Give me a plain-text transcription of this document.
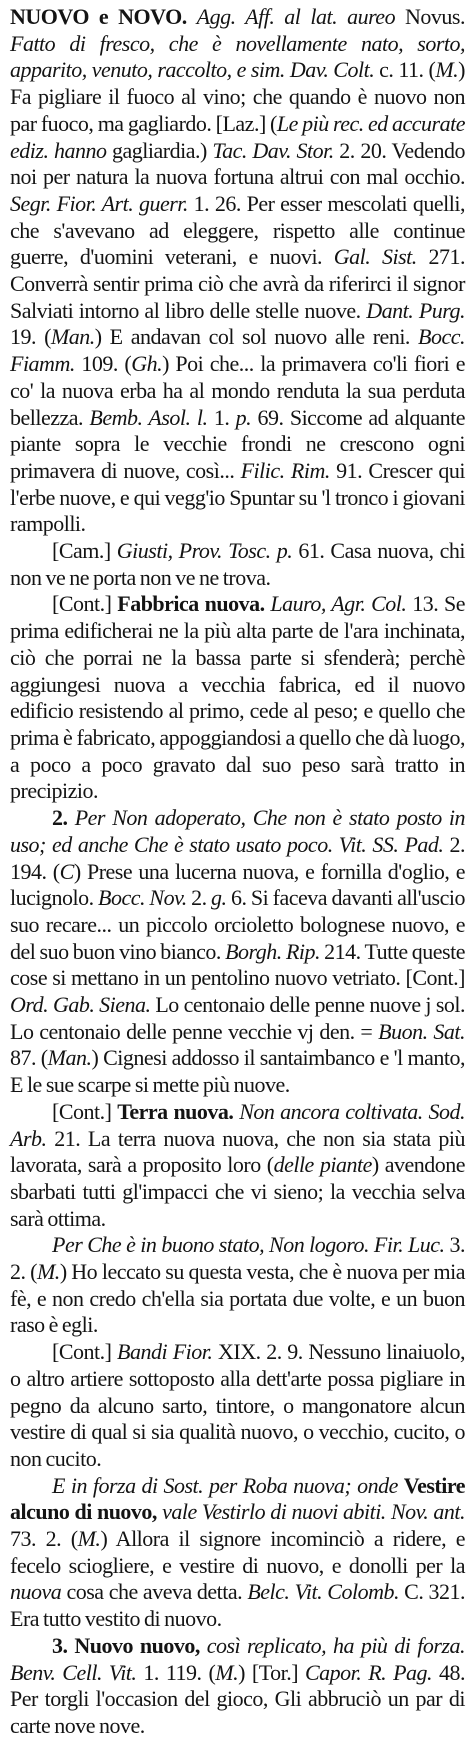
NUOVO e NOVO. Agg. Aff. al lat. aureo Novus. Fatto di fresco, che è novellamente nato, sorto, apparito, venuto, raccolto, e sim. Dav. Colt. c. 11. (M.) Fa pigliare il fuoco al vino; che quando è nuovo non par fuoco, ma gagliardo. [Laz.] (Le più rec. ed accurate ediz. hanno gagliardia.) Tac. Dav. Stor. 2. 20. Vedendo noi per natura la nuova fortuna altrui con mal occhio. Segr. Fior. Art. guerr. 1. 26. Per esser mescolati quelli, che s'avevano ad eleggere, rispetto alle continue guerre, d'uomini veterani, e nuovi. Gal. Sist. 271. Converrà sentir prima ciò che avrà da riferirci il signor Salviati intorno al libro delle stelle nuove. Dant. Purg. 19. (Man.) E andavan col sol nuovo alle reni. Bocc. Fiamm. 109. (Gh.) Poi che... la primavera co'li fiori e co' la nuova erba ha al mondo renduta la sua perduta bellezza. Bemb. Asol. l. 1. p. 69. Siccome ad alquante piante sopra le vecchie frondi ne crescono ogni primavera di nuove, così... Filic. Rim. 91. Crescer qui l'erbe nuove, e qui vegg'io Spuntar su 'l tronco i giovani rampolli.

[Cam.] Giusti, Prov. Tosc. p. 61. Casa nuova, chi non ve ne porta non ve ne trova.

[Cont.] Fabbrica nuova. Lauro, Agr. Col. 13. Se prima edificherai ne la più alta parte de l'ara inchinata, ciò che porrai ne la bassa parte si sfenderà; perchè aggiungesi nuova a vecchia fabrica, ed il nuovo edificio resistendo al primo, cede al peso; e quello che prima è fabricato, appoggiandosi a quello che dà luogo, a poco a poco gravato dal suo peso sarà tratto in precipizio.

2. Per Non adoperato, Che non è stato posto in uso; ed anche Che è stato usato poco. Vit. SS. Pad. 2. 194. (C) Prese una lucerna nuova, e fornilla d'oglio, e lucignolo. Bocc. Nov. 2. g. 6. Si faceva davanti all'uscio suo recare... un piccolo orcioletto bolognese nuovo, e del suo buon vino bianco. Borgh. Rip. 214. Tutte queste cose si mettano in un pentolino nuovo vetriato. [Cont.] Ord. Gab. Siena. Lo centonaio delle penne nuove j sol. Lo centonaio delle penne vecchie vj den. = Buon. Sat. 87. (Man.) Cignesi addosso il santaimbanco e 'l manto, E le sue scarpe si mette più nuove.

[Cont.] Terra nuova. Non ancora coltivata. Sod. Arb. 21. La terra nuova nuova, che non sia stata più lavorata, sarà a proposito loro (delle piante) avendone sbarbati tutti gl'impacci che vi sieno; la vecchia selva sarà ottima.

Per Che è in buono stato, Non logoro. Fir. Luc. 3. 2. (M.) Ho leccato su questa vesta, che è nuova per mia fè, e non credo ch'ella sia portata due volte, e un buon raso è egli.

[Cont.] Bandi Fior. XIX. 2. 9. Nessuno linaiuolo, o altro artiere sottoposto alla dett'arte possa pigliare in pegno da alcuno sarto, tintore, o mangonatore alcun vestire di qual si sia qualità nuovo, o vecchio, cucito, o non cucito.

E in forza di Sost. per Roba nuova; onde Vestire alcuno di nuovo, vale Vestirlo di nuovi abiti. Nov. ant. 73. 2. (M.) Allora il signore incominciò a ridere, e fecelo sciogliere, e vestire di nuovo, e donolli per la nuova cosa che aveva detta. Belc. Vit. Colomb. C. 321. Era tutto vestito di nuovo.

3. Nuovo nuovo, così replicato, ha più di forza. Benv. Cell. Vit. 1. 119. (M.) [Tor.] Capor. R. Pag. 48. Per torgli l'occasion del gioco, Gli abbruciò un par di carte nove nove.
